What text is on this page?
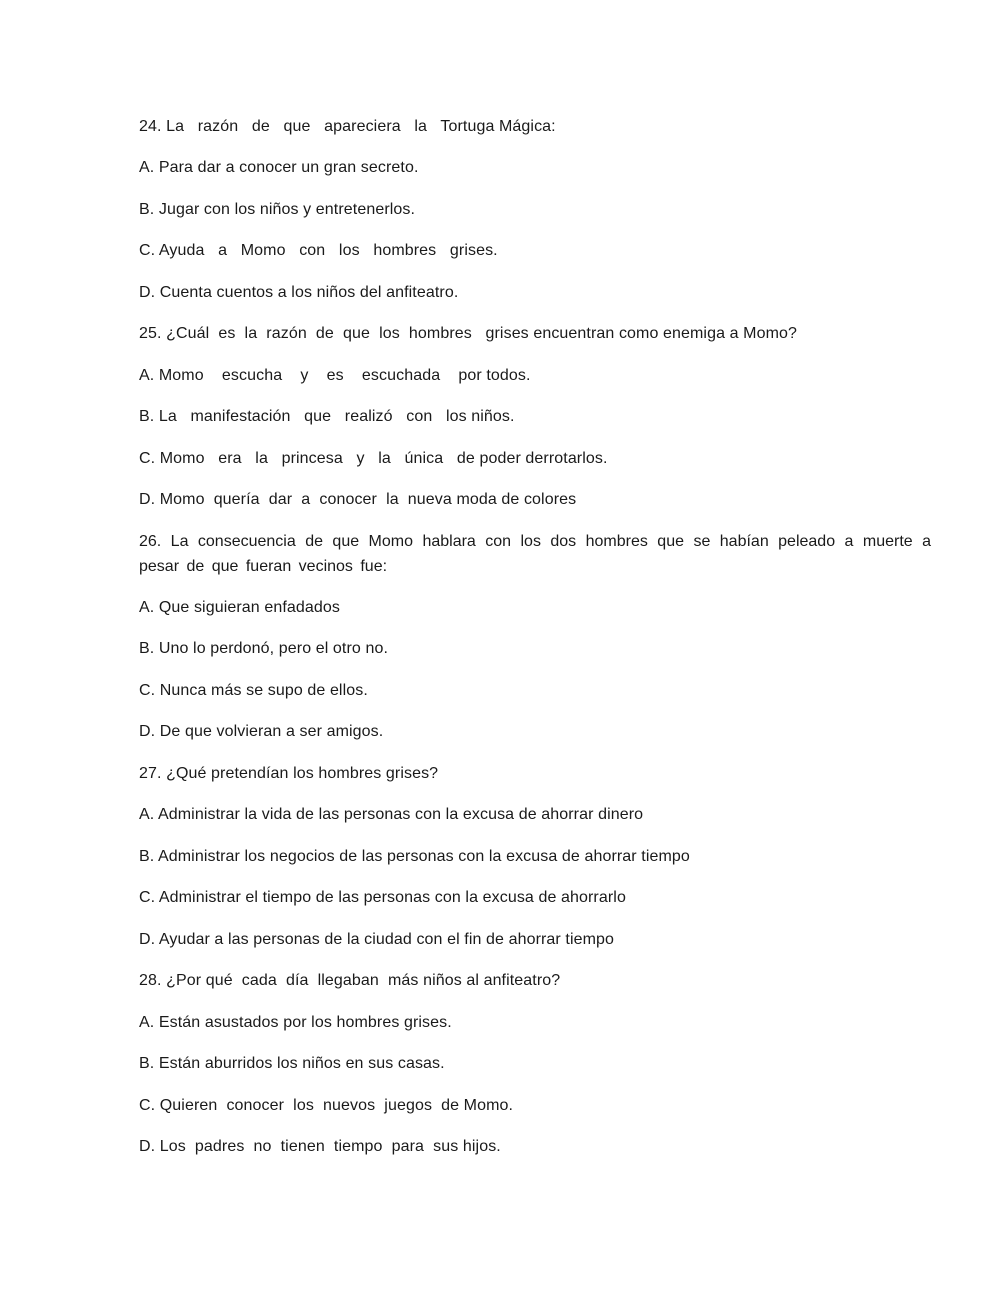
24. La   razón   de   que   apareciera   la   Tortuga Mágica:
A. Para dar a conocer un gran secreto.
B. Jugar con los niños y entretenerlos.
C. Ayuda   a   Momo   con   los   hombres   grises.
D. Cuenta cuentos a los niños del anfiteatro.
25. ¿Cuál  es  la  razón  de  que  los  hombres   grises encuentran como enemiga a Momo?
A. Momo    escucha    y    es    escuchada    por todos.
B. La   manifestación   que   realizó   con   los niños.
C. Momo   era   la   princesa   y   la   única   de poder derrotarlos.
D. Momo  quería  dar  a  conocer  la  nueva moda de colores
26. La consecuencia de que Momo hablara con los dos hombres que se habían peleado a muerte a pesar de que fueran vecinos fue:
A. Que siguieran enfadados
B. Uno lo perdonó, pero el otro no.
C. Nunca más se supo de ellos.
D. De que volvieran a ser amigos.
27. ¿Qué pretendían los hombres grises?
A. Administrar la vida de las personas con la excusa de ahorrar dinero
B. Administrar los negocios de las personas con la excusa de ahorrar tiempo
C. Administrar el tiempo de las personas con la excusa de ahorrarlo
D. Ayudar a las personas de la ciudad con el fin de ahorrar tiempo
28. ¿Por qué  cada  día  llegaban  más niños al anfiteatro?
A. Están asustados por los hombres grises.
B. Están aburridos los niños en sus casas.
C. Quieren  conocer  los  nuevos  juegos  de Momo.
D. Los  padres  no  tienen  tiempo  para  sus hijos.
